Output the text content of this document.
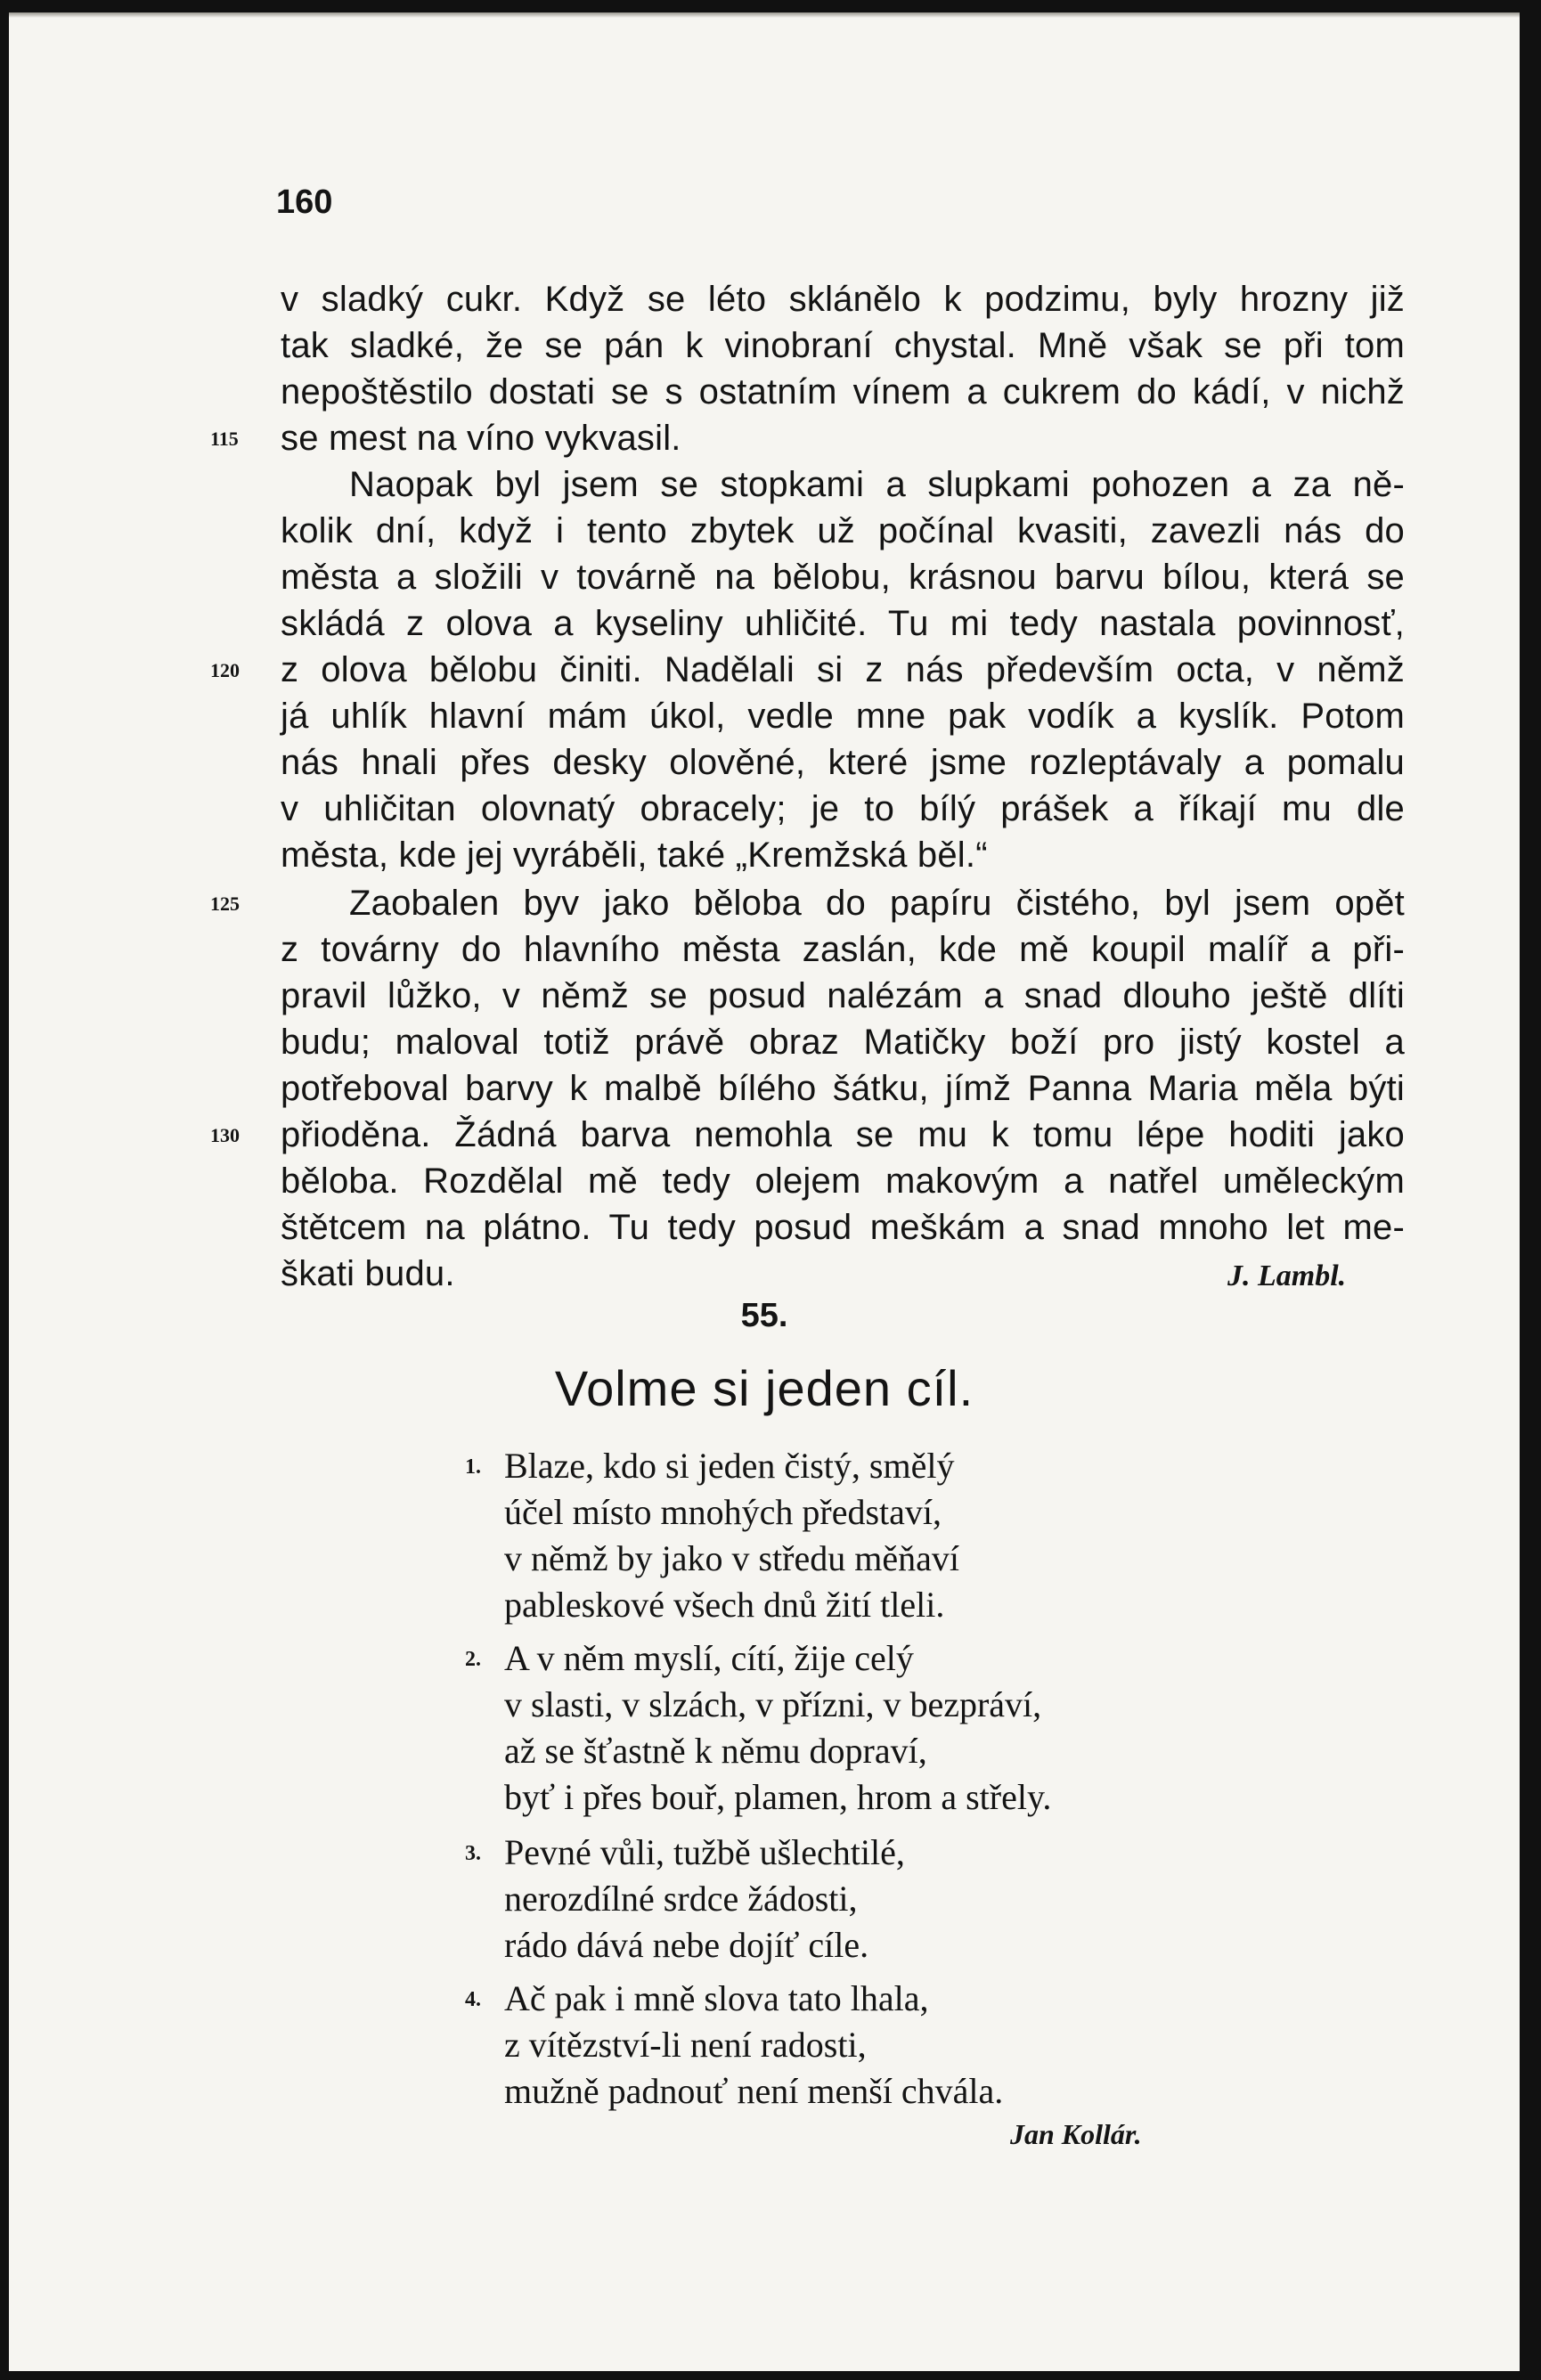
160
v sladký cukr. Když se léto sklánělo k podzimu, byly hrozny již
tak sladké, že se pán k vinobraní chystal. Mně však se při tom
nepoštěstilo dostati se s ostatním vínem a cukrem do kádí, v nichž
se mest na víno vykvasil.
Naopak byl jsem se stopkami a slupkami pohozen a za ně-
kolik dní, když i tento zbytek už počínal kvasiti, zavezli nás do
města a složili v továrně na bělobu, krásnou barvu bílou, která se
skládá z olova a kyseliny uhličité. Tu mi tedy nastala povinnosť,
z olova bělobu činiti. Nadělali si z nás především octa, v němž
já uhlík hlavní mám úkol, vedle mne pak vodík a kyslík. Potom
nás hnali přes desky olověné, které jsme rozleptávaly a pomalu
v uhličitan olovnatý obracely; je to bílý prášek a říkají mu dle
města, kde jej vyráběli, také „Kremžská běl.“
Zaobalen byv jako běloba do papíru čistého, byl jsem opět
z továrny do hlavního města zaslán, kde mě koupil malíř a při-
pravil lůžko, v němž se posud nalézám a snad dlouho ještě dlíti
budu; maloval totiž právě obraz Matičky boží pro jistý kostel a
potřeboval barvy k malbě bílého šátku, jímž Panna Maria měla býti
přioděna. Žádná barva nemohla se mu k tomu lépe hoditi jako
běloba. Rozdělal mě tedy olejem makovým a natřel uměleckým
štětcem na plátno. Tu tedy posud meškám a snad mnoho let me-
škati budu.
115
120
125
130
J. Lambl.
55.
Volme si jeden cíl.
1. Blaze, kdo si jeden čistý, smělý
účel místo mnohých představí,
v němž by jako v středu měňaví
pableskové všech dnů žití tleli.
2. A v něm myslí, cítí, žije celý
v slasti, v slzách, v přízni, v bezpráví,
až se šťastně k němu dopraví,
byť i přes bouř, plamen, hrom a střely.
3. Pevné vůli, tužbě ušlechtilé,
nerozdílné srdce žádosti,
rádo dává nebe dojíť cíle.
4. Ač pak i mně slova tato lhala,
z vítězství-li není radosti,
mužně padnouť není menší chvála.
Jan Kollár.
